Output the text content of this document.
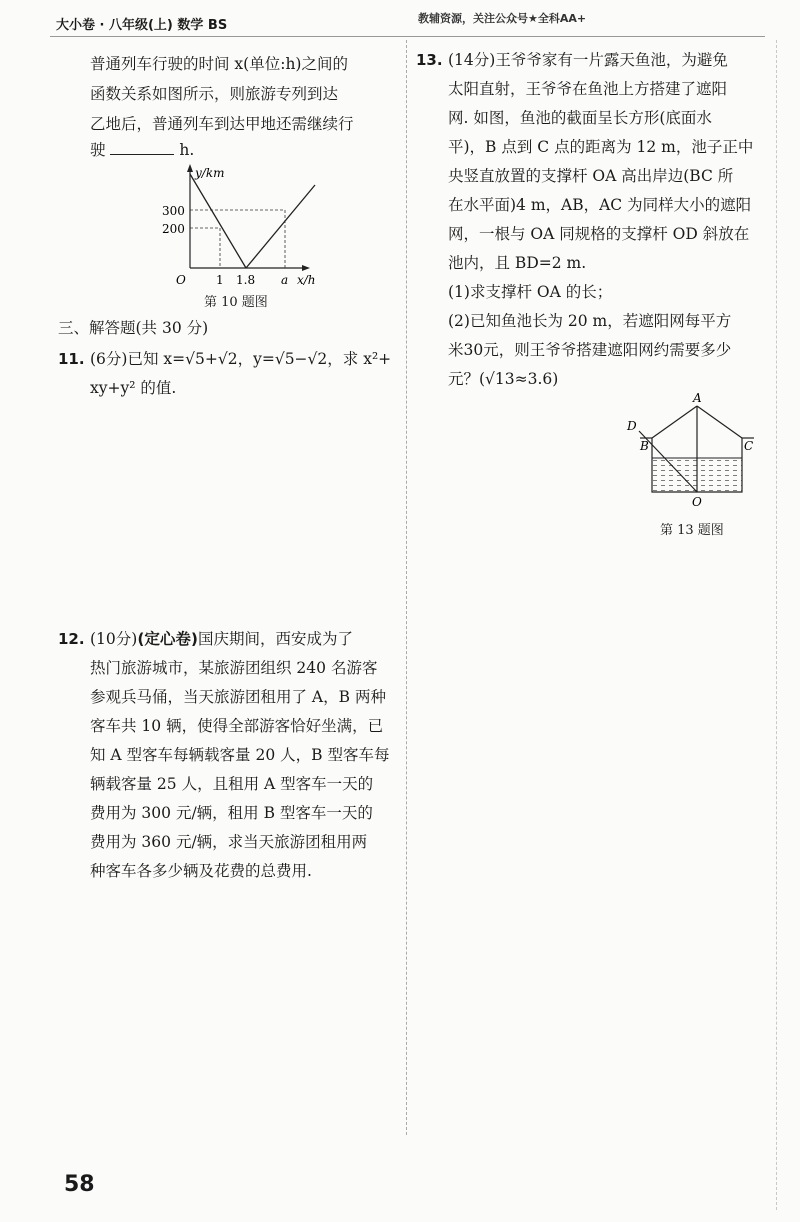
大小卷 · 八年级(上) 数学 BS	教辅资源，关注公众号★全科AA+
普通列车行驶的时间 x(单位:h)之间的
函数关系如图所示，则旅游专列到达
乙地后，普通列车到达甲地还需继续行
驶	h.
y/km
x/h
O
300
200
1 1.8 a
第 10 题图
三、解答题(共 30 分)
11. (6分)已知 x=√5+√2，y=√5−√2，求 x²+
xy+y² 的值.
12. (10分)(定心卷)国庆期间，西安成为了
热门旅游城市，某旅游团组织 240 名游客
参观兵马俑，当天旅游团租用了 A，B 两种
客车共 10 辆，使得全部游客恰好坐满，已
知 A 型客车每辆载客量 20 人，B 型客车每
辆载客量 25 人，且租用 A 型客车一天的
费用为 300 元/辆，租用 B 型客车一天的
费用为 360 元/辆，求当天旅游团租用两
种客车各多少辆及花费的总费用.
13. (14分)王爷爷家有一片露天鱼池，为避免
太阳直射，王爷爷在鱼池上方搭建了遮阳
网. 如图，鱼池的截面呈长方形(底面水
平)，B 点到 C 点的距离为 12 m，池子正中
央竖直放置的支撑杆 OA 高出岸边(BC 所
在水平面)4 m，AB，AC 为同样大小的遮阳
网，一根与 OA 同规格的支撑杆 OD 斜放在
池内，且 BD=2 m.
(1)求支撑杆 OA 的长；
(2)已知鱼池长为 20 m，若遮阳网每平方
米30元，则王爷爷搭建遮阳网约需要多少
元？(√13≈3.6)
A
D
B	C
O
第 13 题图
58
